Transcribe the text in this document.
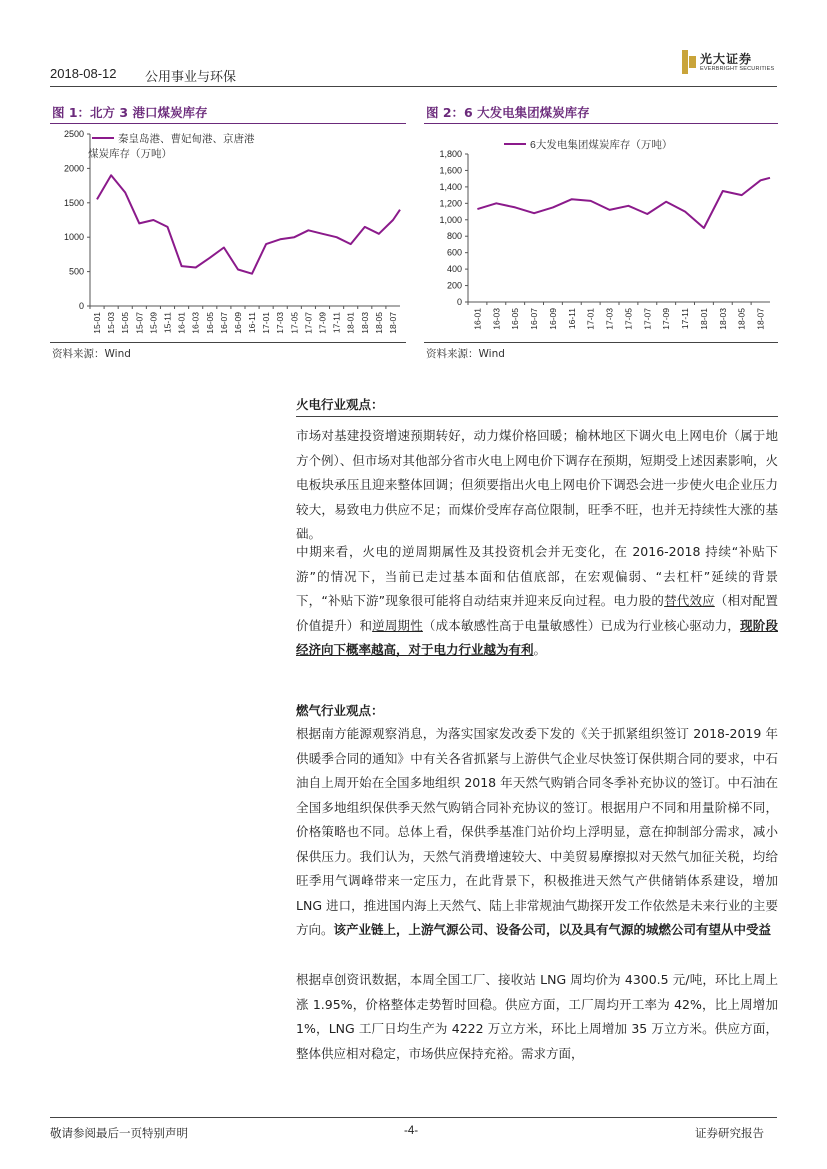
2018-08-12 公用事业与环保
光大证券
EVERBRIGHT SECURITIES
图 1：北方 3 港口煤炭库存
0
500
1000
1500
2000
2500
15-01 15-03 15-05 15-07 15-09 15-11 16-01 16-03 16-05 16-07 16-09 16-11 17-01 17-03 17-05 17-07 17-09 17-11 18-01 18-03 18-05 18-07
秦皇岛港、曹妃甸港、京唐港
煤炭库存（万吨）
资料来源：Wind
图 2：6 大发电集团煤炭库存
0
200
400
600
800
1,000
1,200
1,400
1,600
1,800
16-01 16-03 16-05 16-07 16-09 16-11 17-01 17-03 17-05 17-07 17-09 17-11 18-01 18-03 18-05 18-07
6大发电集团煤炭库存（万吨）
资料来源：Wind
火电行业观点：

市场对基建投资增速预期转好，动力煤价格回暖；榆林地区下调火电上网电价（属于地方个例）、但市场对其他部分省市火电上网电价下调存在预期，短期受上述因素影响，火电板块承压且迎来整体回调；但须要指出火电上网电价下调恐会进一步使火电企业压力较大，易致电力供应不足；而煤价受库存高位限制，旺季不旺，也并无持续性大涨的基础。

中期来看，火电的逆周期属性及其投资机会并无变化，在 2016-2018 持续“补贴下游”的情况下，当前已走过基本面和估值底部，在宏观偏弱、“去杠杆”延续的背景下，“补贴下游”现象很可能将自动结束并迎来反向过程。电力股的替代效应（相对配置价值提升）和逆周期性（成本敏感性高于电量敏感性）已成为行业核心驱动力，现阶段经济向下概率越高，对于电力行业越为有利。

燃气行业观点：

根据南方能源观察消息，为落实国家发改委下发的《关于抓紧组织签订 2018-2019 年供暖季合同的通知》中有关各省抓紧与上游供气企业尽快签订保供期合同的要求，中石油自上周开始在全国多地组织 2018 年天然气购销合同冬季补充协议的签订。中石油在全国多地组织保供季天然气购销合同补充协议的签订。根据用户不同和用量阶梯不同，价格策略也不同。总体上看，保供季基准门站价均上浮明显，意在抑制部分需求，减小保供压力。我们认为，天然气消费增速较大、中美贸易摩擦拟对天然气加征关税，均给旺季用气调峰带来一定压力，在此背景下，积极推进天然气产供储销体系建设，增加 LNG 进口，推进国内海上天然气、陆上非常规油气勘探开发工作依然是未来行业的主要方向。该产业链上，上游气源公司、设备公司，以及具有气源的城燃公司有望从中受益

根据卓创资讯数据，本周全国工厂、接收站 LNG 周均价为 4300.5 元/吨，环比上周上涨 1.95%，价格整体走势暂时回稳。供应方面，工厂周均开工率为 42%，比上周增加 1%，LNG 工厂日均生产为 4222 万立方米，环比上周增加 35 万立方米。供应方面，整体供应相对稳定，市场供应保持充裕。需求方面，

敬请参阅最后一页特别声明	-4-	证券研究报告
